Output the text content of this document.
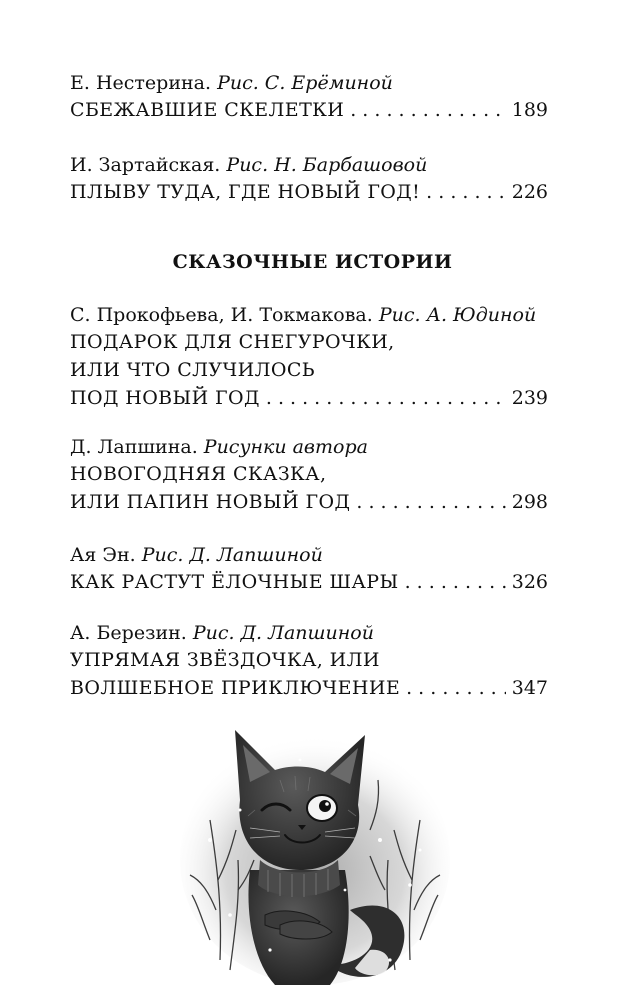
Е. Нестерина. Рис. С. Ерёминой
СБЕЖАВШИЕ СКЕЛЕТКИ . . .	189
И. Зартайская. Рис. Н. Барбашовой
ПЛЫВУ ТУДА, ГДЕ НОВЫЙ ГОД! . . .	226
СКАЗОЧНЫЕ ИСТОРИИ
С. Прокофьева, И. Токмакова. Рис. А. Юдиной
ПОДАРОК ДЛЯ СНЕГУРОЧКИ,
ИЛИ ЧТО СЛУЧИЛОСЬ
ПОД НОВЫЙ ГОД . . .	239
Д. Лапшина. Рисунки автора
НОВОГОДНЯЯ СКАЗКА,
ИЛИ ПАПИН НОВЫЙ ГОД . . .	298
Ая Эн. Рис. Д. Лапшиной
КАК РАСТУТ ЁЛОЧНЫЕ ШАРЫ . . .	326
А. Березин. Рис. Д. Лапшиной
УПРЯМАЯ ЗВЁЗДОЧКА, ИЛИ
ВОЛШЕБНОЕ ПРИКЛЮЧЕНИЕ . . .	347
